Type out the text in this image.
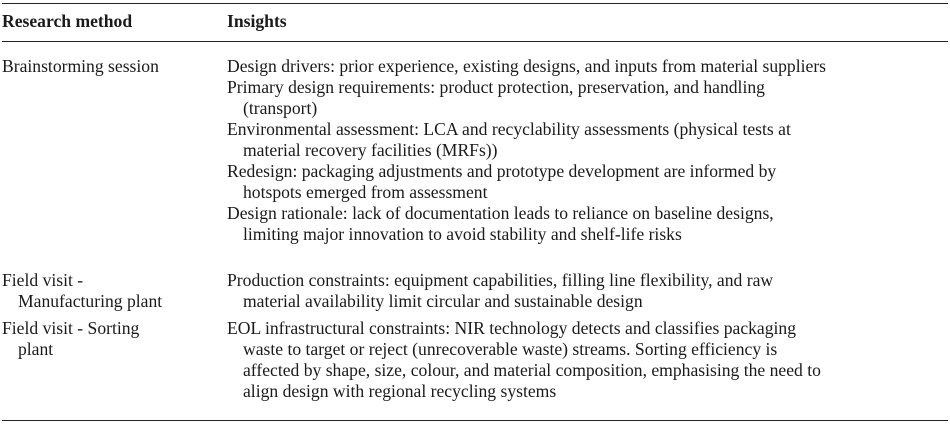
Research method	Insights
Brainstorming session	Design drivers: prior experience, existing designs, and inputs from material suppliers

Primary design requirements: product protection, preservation, and handling
(transport)

Environmental assessment: LCA and recyclability assessments (physical tests at
material recovery facilities (MRFs))

Redesign: packaging adjustments and prototype development are informed by
hotspots emerged from assessment

Design rationale: lack of documentation leads to reliance on baseline designs,
limiting major innovation to avoid stability and shelf-life risks

Field visit -
Manufacturing plant

Production constraints: equipment capabilities, filling line flexibility, and raw
material availability limit circular and sustainable design

Field visit - Sorting
plant

EOL infrastructural constraints: NIR technology detects and classifies packaging
waste to target or reject (unrecoverable waste) streams. Sorting efficiency is
affected by shape, size, colour, and material composition, emphasising the need to
align design with regional recycling systems
